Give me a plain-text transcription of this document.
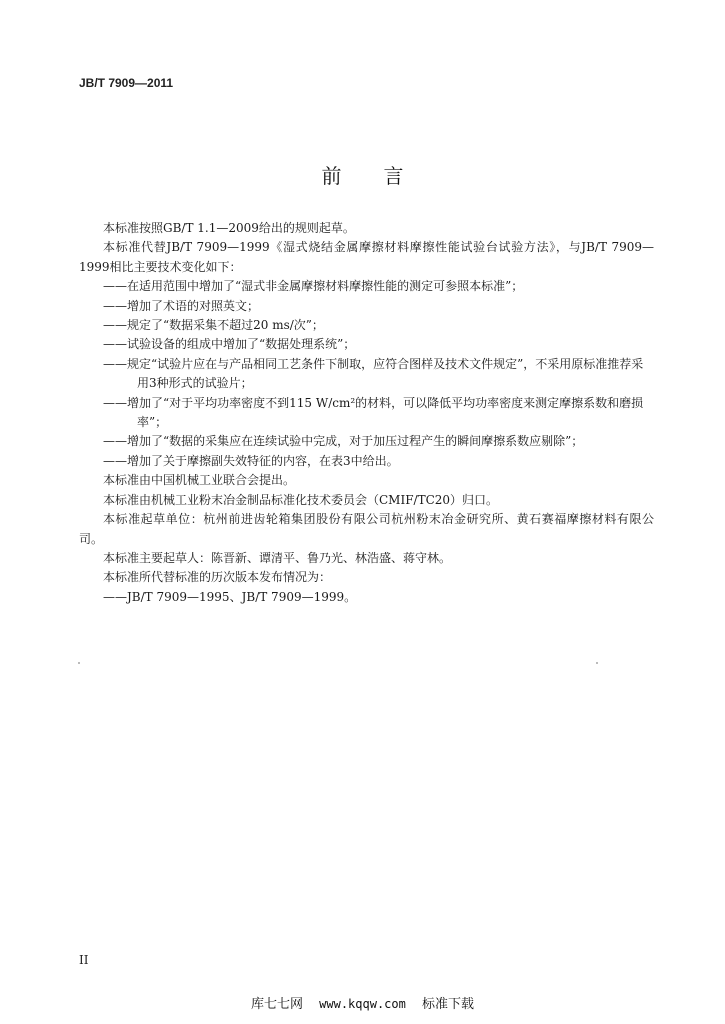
JB/T 7909—2011
前言

本标准按照GB/T 1.1—2009给出的规则起草。

本标准代替JB/T 7909—1999《湿式烧结金属摩擦材料摩擦性能试验台试验方法》，与JB/T 7909—1999相比主要技术变化如下：

——在适用范围中增加了“湿式非金属摩擦材料摩擦性能的测定可参照本标准”；

——增加了术语的对照英文；

——规定了“数据采集不超过20 ms/次”；

——试验设备的组成中增加了“数据处理系统”；

——规定“试验片应在与产品相同工艺条件下制取，应符合图样及技术文件规定”，不采用原标准推荐采用3种形式的试验片；

——增加了“对于平均功率密度不到115 W/cm²的材料，可以降低平均功率密度来测定摩擦系数和磨损率”；

——增加了“数据的采集应在连续试验中完成，对于加压过程产生的瞬间摩擦系数应剔除”；

——增加了关于摩擦副失效特征的内容，在表3中给出。

本标准由中国机械工业联合会提出。

本标准由机械工业粉末冶金制品标准化技术委员会（CMIF/TC20）归口。

本标准起草单位：杭州前进齿轮箱集团股份有限公司杭州粉末冶金研究所、黄石赛福摩擦材料有限公司。

本标准主要起草人：陈晋新、谭清平、鲁乃光、林浩盛、蒋守林。

本标准所代替标准的历次版本发布情况为：

——JB/T 7909—1995、JB/T 7909—1999。

II
库七七网 www.kqqw.com 标准下载
